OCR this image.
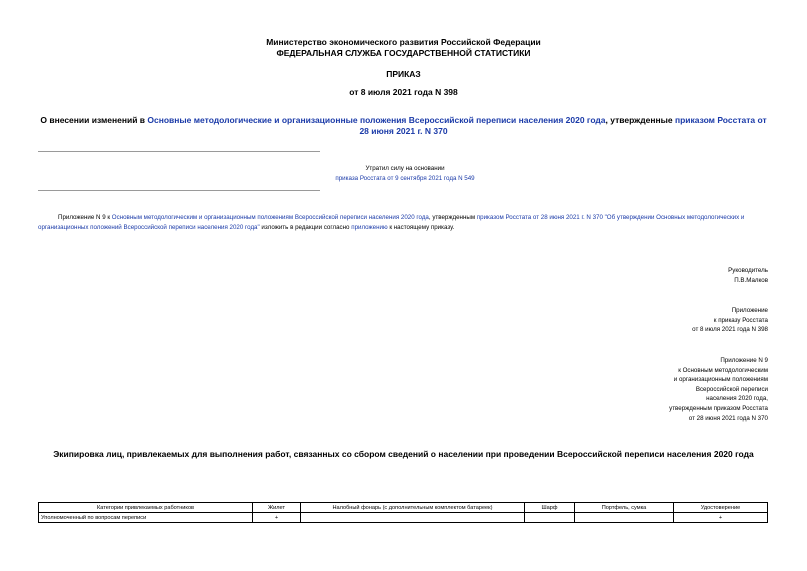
Министерство экономического развития Российской Федерации
ФЕДЕРАЛЬНАЯ СЛУЖБА ГОСУДАРСТВЕННОЙ СТАТИСТИКИ
ПРИКАЗ
от 8 июля 2021 года N 398
О внесении изменений в Основные методологические и организационные положения Всероссийской переписи населения 2020 года, утвержденные приказом Росстата от 28 июня 2021 г. N 370
Утратил силу на основании
приказа Росстата от 9 сентября 2021 года N 549
Приложение N 9 к Основным методологическим и организационным положениям Всероссийской переписи населения 2020 года, утвержденным приказом Росстата от 28 июня 2021 г. N 370 "Об утверждении Основных методологических и организационных положений Всероссийской переписи населения 2020 года" изложить в редакции согласно приложению к настоящему приказу.
Руководитель
П.В.Малков
Приложение
к приказу Росстата
от 8 июля 2021 года N 398
Приложение N 9
к Основным методологическим
и организационным положениям
Всероссийской переписи
населения 2020 года,
утвержденным приказом Росстата
от 28 июня 2021 года N 370
Экипировка лиц, привлекаемых для выполнения работ, связанных со сбором сведений о населении при проведении Всероссийской переписи населения 2020 года
Категории привлекаемых работников	Жилет	Налобный фонарь (с дополнительным комплектом батареек)	Шарф	Портфель, сумка	Удостоверение
Уполномоченный по вопросам переписи	+				+
